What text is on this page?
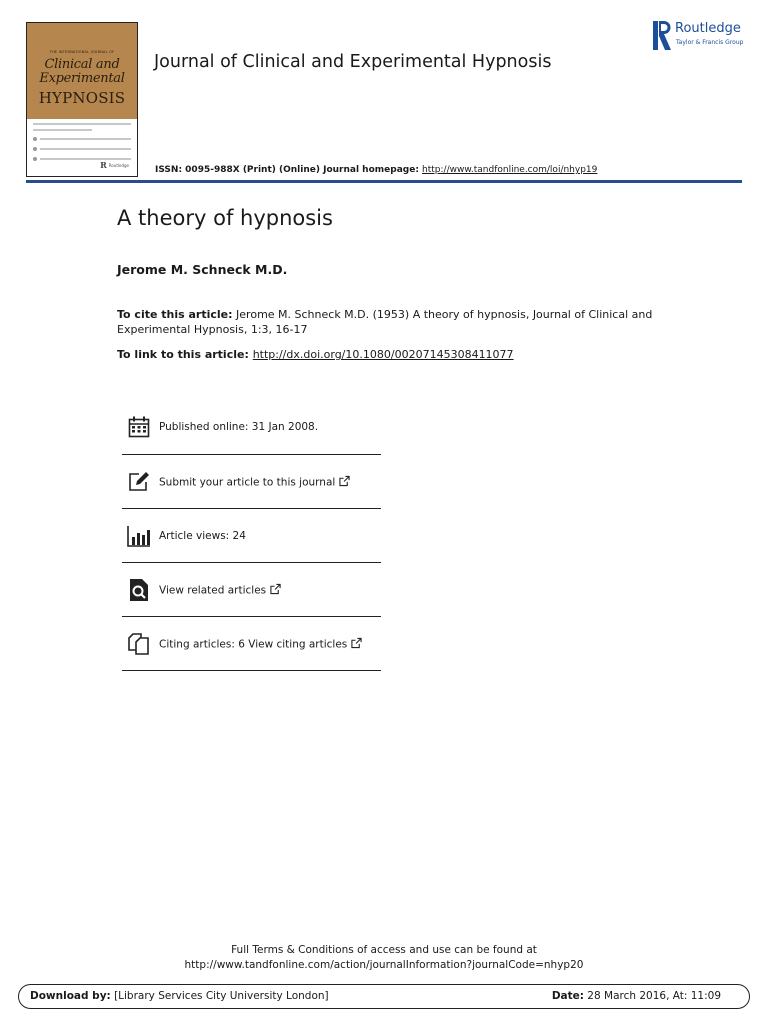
THE INTERNATIONAL JOURNAL OF
Clinical and
Experimental
HYPNOSIS
R Routledge
Journal of Clinical and Experimental Hypnosis
ISSN: 0095-988X (Print) (Online) Journal homepage: http://www.tandfonline.com/loi/nhyp19
Routledge
Taylor & Francis Group
A theory of hypnosis
Jerome M. Schneck M.D.
To cite this article: Jerome M. Schneck M.D. (1953) A theory of hypnosis, Journal of Clinical and Experimental Hypnosis, 1:3, 16-17
To link to this article: http://dx.doi.org/10.1080/00207145308411077
Published online: 31 Jan 2008.
Submit your article to this journal
Article views: 24
View related articles
Citing articles: 6 View citing articles
Full Terms & Conditions of access and use can be found at
http://www.tandfonline.com/action/journalInformation?journalCode=nhyp20
Download by: [Library Services City University London]	Date: 28 March 2016, At: 11:09
